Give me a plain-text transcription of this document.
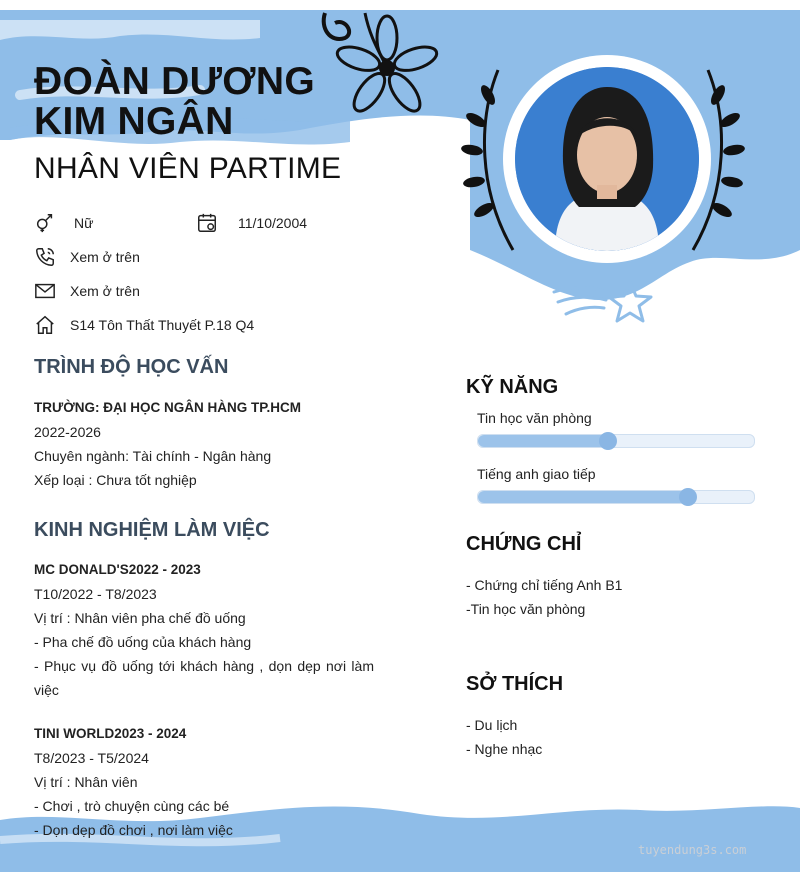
ĐOÀN DƯƠNG
KIM NGÂN
NHÂN VIÊN PARTIME
Nữ	11/10/2004
Xem ở trên
Xem ở trên
S14 Tôn Thất Thuyết P.18 Q4
TRÌNH ĐỘ HỌC VẤN
TRƯỜNG: ĐẠI HỌC NGÂN HÀNG TP.HCM
2022-2026
Chuyên ngành: Tài chính - Ngân hàng
Xếp loại : Chưa tốt nghiệp
KINH NGHIỆM LÀM VIỆC
MC DONALD'S2022 - 2023
T10/2022 - T8/2023
Vị trí : Nhân viên pha chế đồ uống
- Pha chế đồ uống của khách hàng
- Phục vụ đồ uống tới khách hàng , dọn dẹp nơi làm việc
TINI WORLD2023 - 2024
T8/2023 - T5/2024
Vị trí : Nhân viên
- Chơi , trò chuyện cùng các bé
- Dọn dẹp đồ chơi , nơi làm việc
KỸ NĂNG
Tin học văn phòng
Tiếng anh giao tiếp
CHỨNG CHỈ
- Chứng chỉ tiếng Anh B1
-Tin học văn phòng
SỞ THÍCH
- Du lịch
- Nghe nhạc
tuyendung3s.com
